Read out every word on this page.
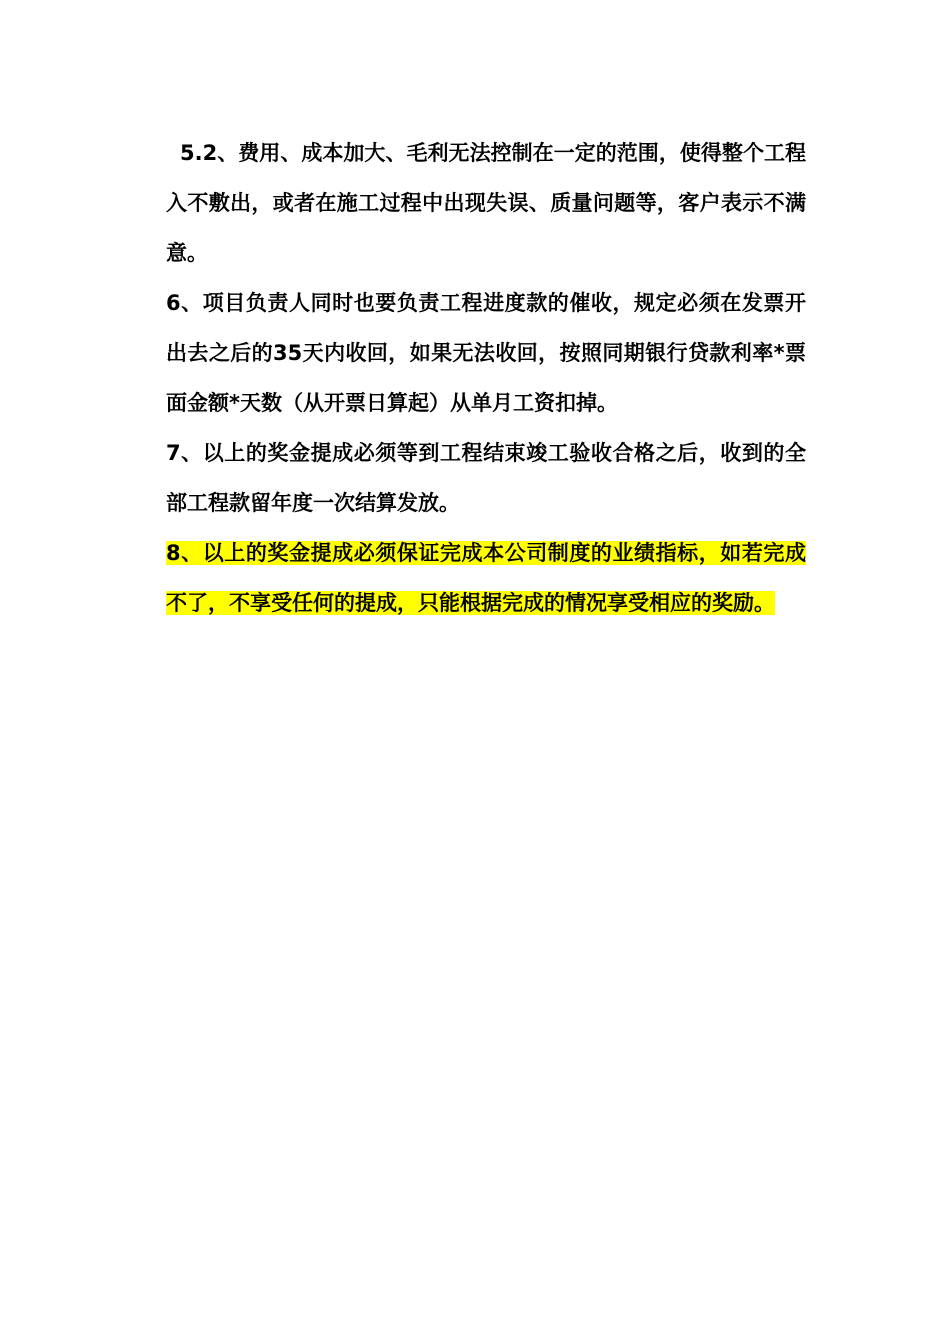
5.2、费用、成本加大、毛利无法控制在一定的范围，使得整个工程入不敷出，或者在施工过程中出现失误、质量问题等，客户表示不满意。

6、项目负责人同时也要负责工程进度款的催收，规定必须在发票开出去之后的35天内收回，如果无法收回，按照同期银行贷款利率*票面金额*天数（从开票日算起）从单月工资扣掉。

7、以上的奖金提成必须等到工程结束竣工验收合格之后，收到的全部工程款留年度一次结算发放。

8、以上的奖金提成必须保证完成本公司制度的业绩指标，如若完成不了，不享受任何的提成，只能根据完成的情况享受相应的奖励。
